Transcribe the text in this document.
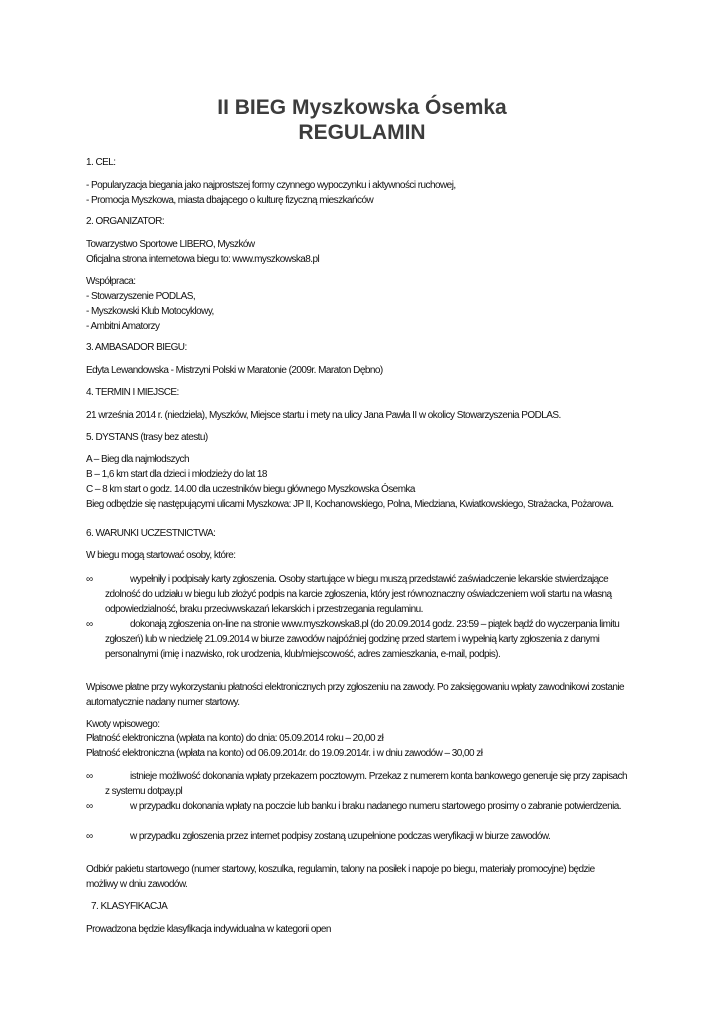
II BIEG Myszkowska Ósemka
REGULAMIN
1. CEL:
- Popularyzacja biegania jako najprostszej formy czynnego wypoczynku i aktywności ruchowej,
- Promocja Myszkowa, miasta dbającego o kulturę fizyczną mieszkańców
2. ORGANIZATOR:
Towarzystwo Sportowe LIBERO, Myszków
Oficjalna strona internetowa biegu to: www.myszkowska8.pl
Współpraca:
- Stowarzyszenie PODLAS,
- Myszkowski Klub Motocyklowy,
- Ambitni Amatorzy
3. AMBASADOR BIEGU:
Edyta Lewandowska - Mistrzyni Polski w Maratonie (2009r. Maraton Dębno)
4. TERMIN I MIEJSCE:
21 września 2014 r. (niedziela), Myszków, Miejsce startu i mety na ulicy Jana Pawła II w okolicy Stowarzyszenia PODLAS.
5. DYSTANS (trasy bez atestu)
A – Bieg dla najmłodszych
B – 1,6 km start dla dzieci i młodzieży do lat 18
C – 8 km start o godz. 14.00 dla uczestników biegu głównego Myszkowska Ósemka
Bieg odbędzie się następującymi ulicami Myszkowa: JP II, Kochanowskiego, Polna, Miedziana, Kwiatkowskiego, Strażacka, Pożarowa.
6. WARUNKI UCZESTNICTWA:
W biegu mogą startować osoby, które:
∞	wypełniły i podpisały karty zgłoszenia. Osoby startujące w biegu muszą przedstawić zaświadczenie lekarskie stwierdzające
zdolność do udziału w biegu lub złożyć podpis na karcie zgłoszenia, który jest równoznaczny oświadczeniem woli startu na własną
odpowiedzialność, braku przeciwwskazań lekarskich i przestrzegania regulaminu.
∞	dokonają zgłoszenia on-line na stronie www.myszkowska8.pl (do 20.09.2014 godz. 23:59 – piątek bądź do wyczerpania limitu
zgłoszeń) lub w niedzielę 21.09.2014 w biurze zawodów najpóźniej godzinę przed startem i wypełnią karty zgłoszenia z danymi
personalnymi (imię i nazwisko, rok urodzenia, klub/miejscowość, adres zamieszkania, e-mail, podpis).
Wpisowe płatne przy wykorzystaniu płatności elektronicznych przy zgłoszeniu na zawody. Po zaksięgowaniu wpłaty zawodnikowi zostanie
automatycznie nadany numer startowy.
Kwoty wpisowego:
Płatność elektroniczna (wpłata na konto) do dnia: 05.09.2014 roku – 20,00 zł
Płatność elektroniczna (wpłata na konto) od 06.09.2014r. do 19.09.2014r. i w dniu zawodów – 30,00 zł
∞	istnieje możliwość dokonania wpłaty przekazem pocztowym. Przekaz z numerem konta bankowego generuje się przy zapisach
z systemu dotpay.pl
∞	w przypadku dokonania wpłaty na poczcie lub banku i braku nadanego numeru startowego prosimy o zabranie potwierdzenia.
∞	w przypadku zgłoszenia przez internet podpisy zostaną uzupełnione podczas weryfikacji w biurze zawodów.
Odbiór pakietu startowego (numer startowy, koszulka, regulamin, talony na posiłek i napoje po biegu, materiały promocyjne) będzie
możliwy w dniu zawodów.
7. KLASYFIKACJA
Prowadzona będzie klasyfikacja indywidualna w kategorii open
